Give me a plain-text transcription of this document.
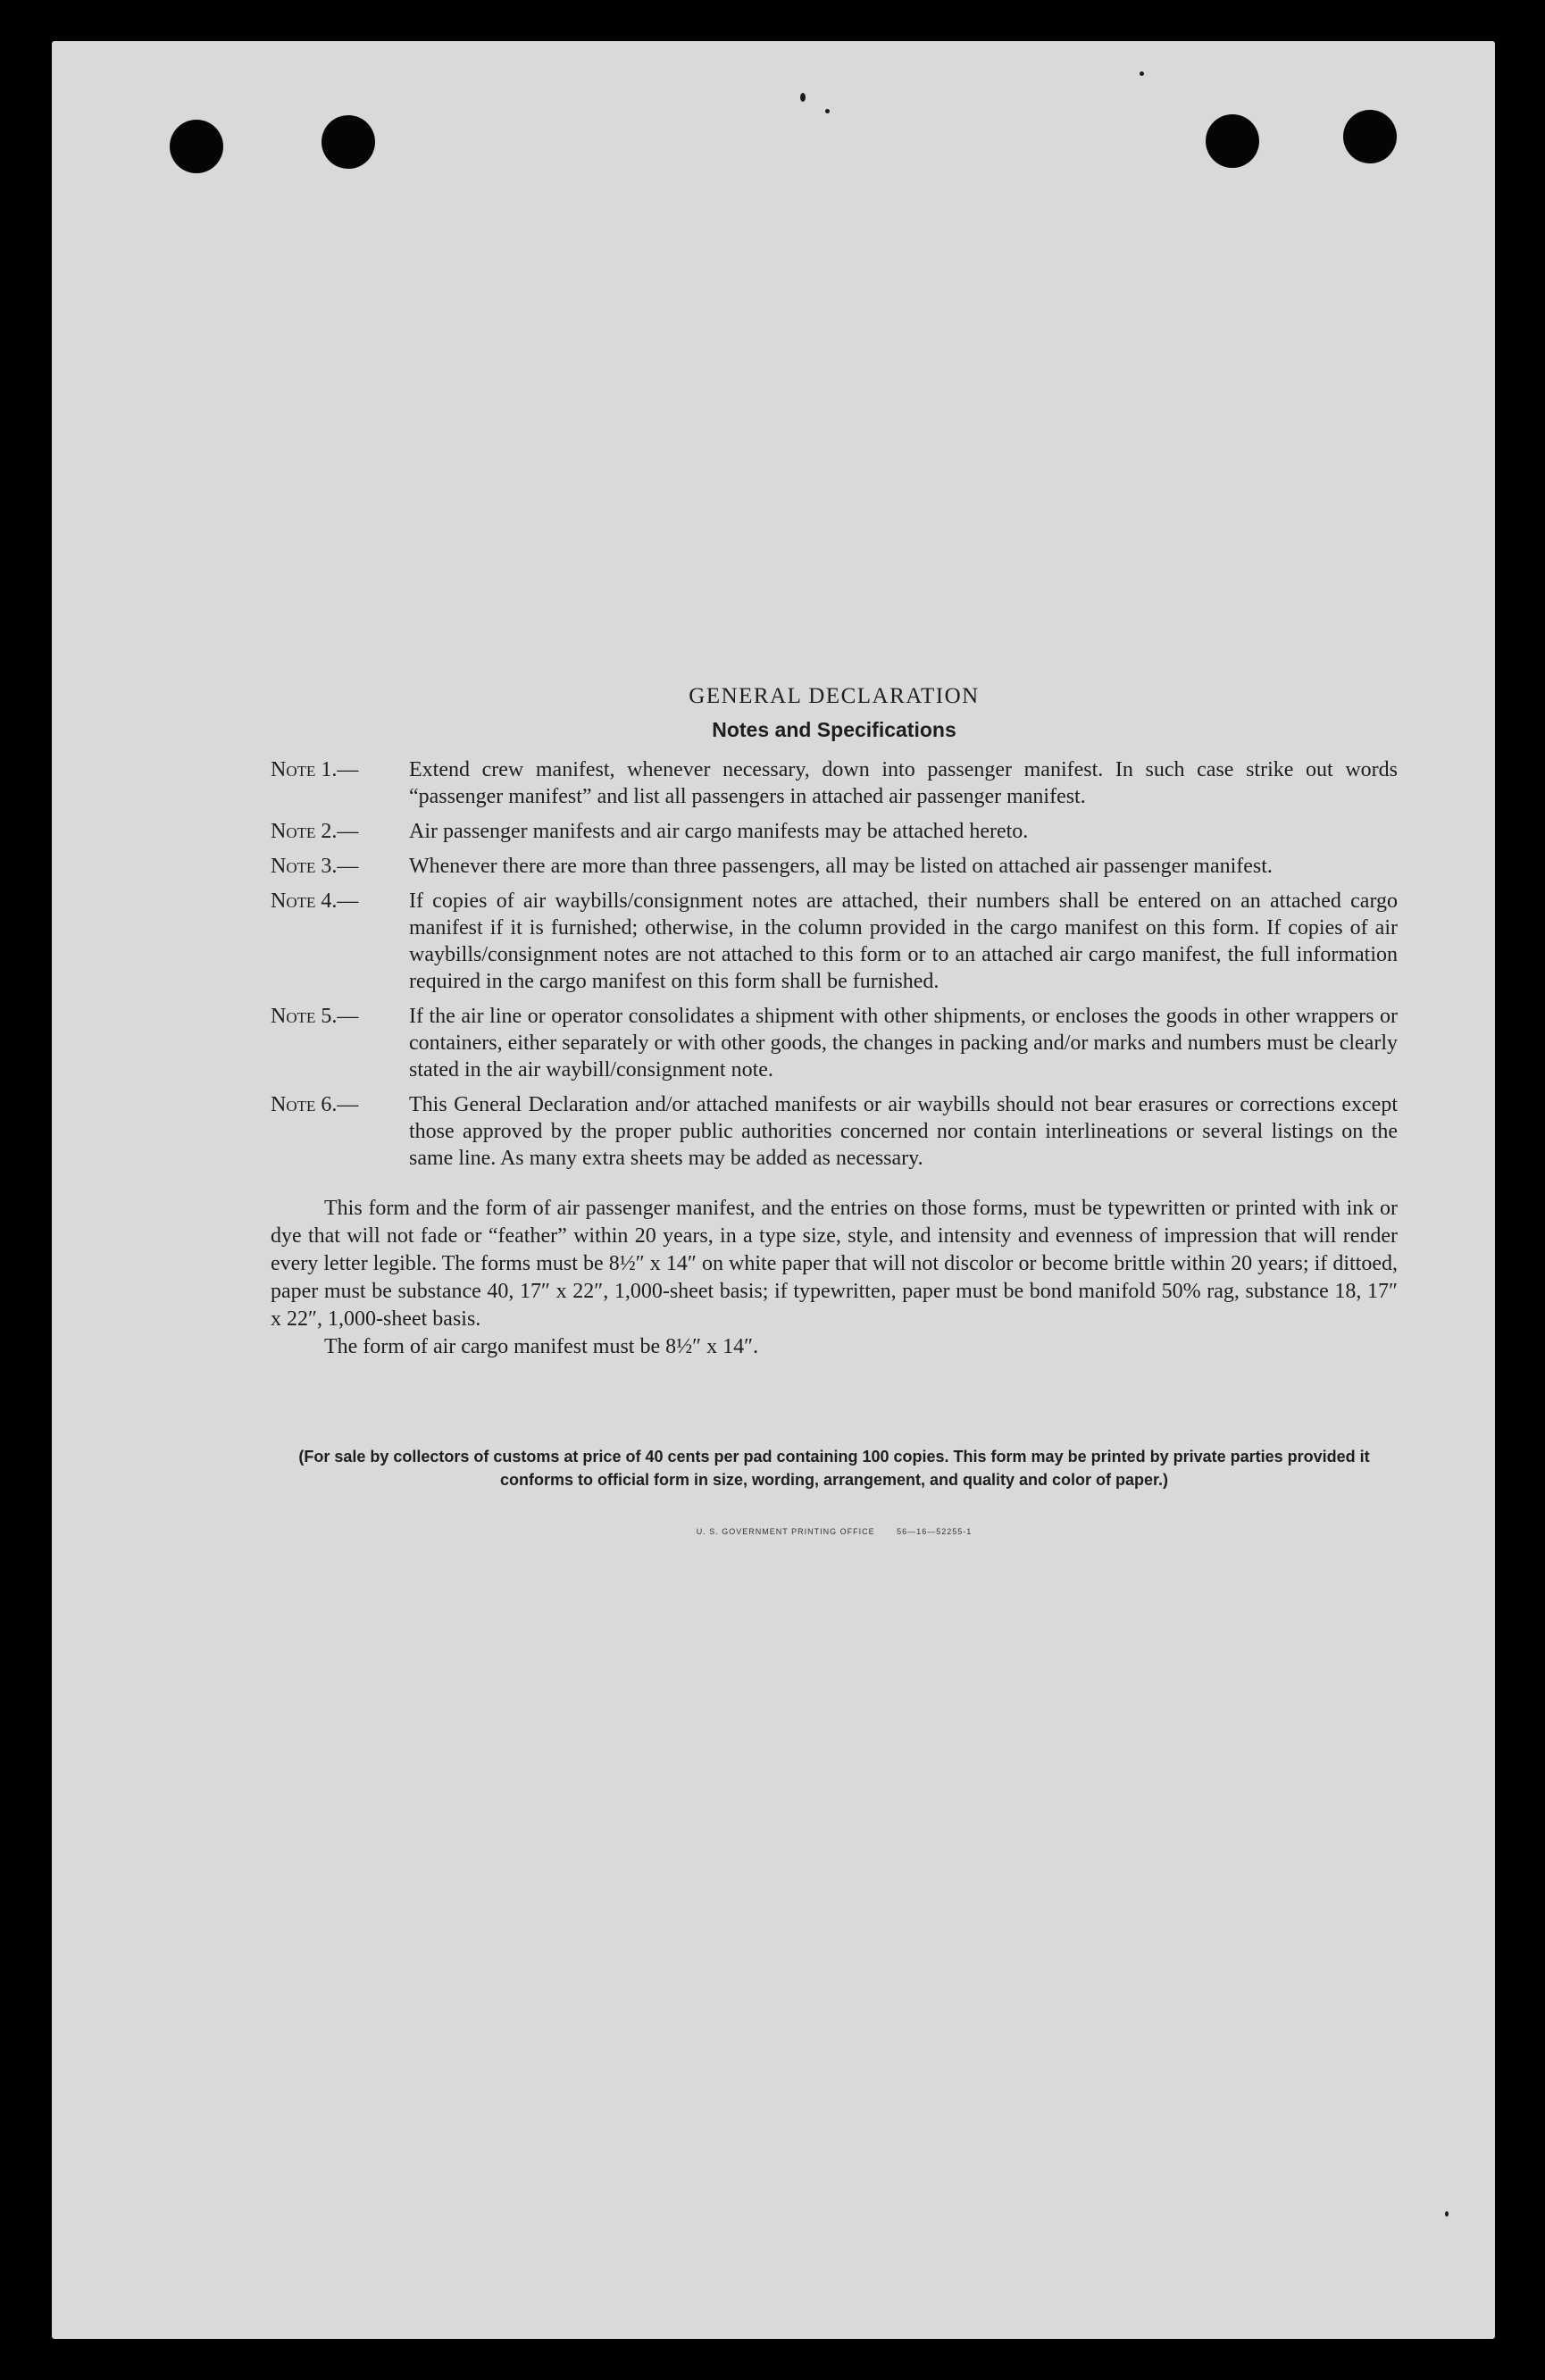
GENERAL DECLARATION
Notes and Specifications
Note 1.—	Extend crew manifest, whenever necessary, down into passenger manifest. In such case strike out words “passenger manifest” and list all passengers in attached air passenger manifest.
Note 2.—	Air passenger manifests and air cargo manifests may be attached hereto.
Note 3.—	Whenever there are more than three passengers, all may be listed on attached air passenger manifest.
Note 4.—	If copies of air waybills/consignment notes are attached, their numbers shall be entered on an attached cargo manifest if it is furnished; otherwise, in the column provided in the cargo manifest on this form. If copies of air waybills/consignment notes are not attached to this form or to an attached air cargo manifest, the full information required in the cargo manifest on this form shall be furnished.
Note 5.—	If the air line or operator consolidates a shipment with other shipments, or encloses the goods in other wrappers or containers, either separately or with other goods, the changes in packing and/or marks and numbers must be clearly stated in the air waybill/consignment note.
Note 6.—	This General Declaration and/or attached manifests or air waybills should not bear erasures or corrections except those approved by the proper public authorities concerned nor contain interlineations or several listings on the same line. As many extra sheets may be added as necessary.

This form and the form of air passenger manifest, and the entries on those forms, must be typewritten or printed with ink or dye that will not fade or “feather” within 20 years, in a type size, style, and intensity and evenness of impression that will render every letter legible. The forms must be 8½″ x 14″ on white paper that will not discolor or become brittle within 20 years; if dittoed, paper must be substance 40, 17″ x 22″, 1,000-sheet basis; if typewritten, paper must be bond manifold 50% rag, substance 18, 17″ x 22″, 1,000-sheet basis.

The form of air cargo manifest must be 8½″ x 14″.

(For sale by collectors of customs at price of 40 cents per pad containing 100 copies. This form may be printed by private parties provided it conforms to official form in size, wording, arrangement, and quality and color of paper.)

U. S. GOVERNMENT PRINTING OFFICE	56—16—52255-1
